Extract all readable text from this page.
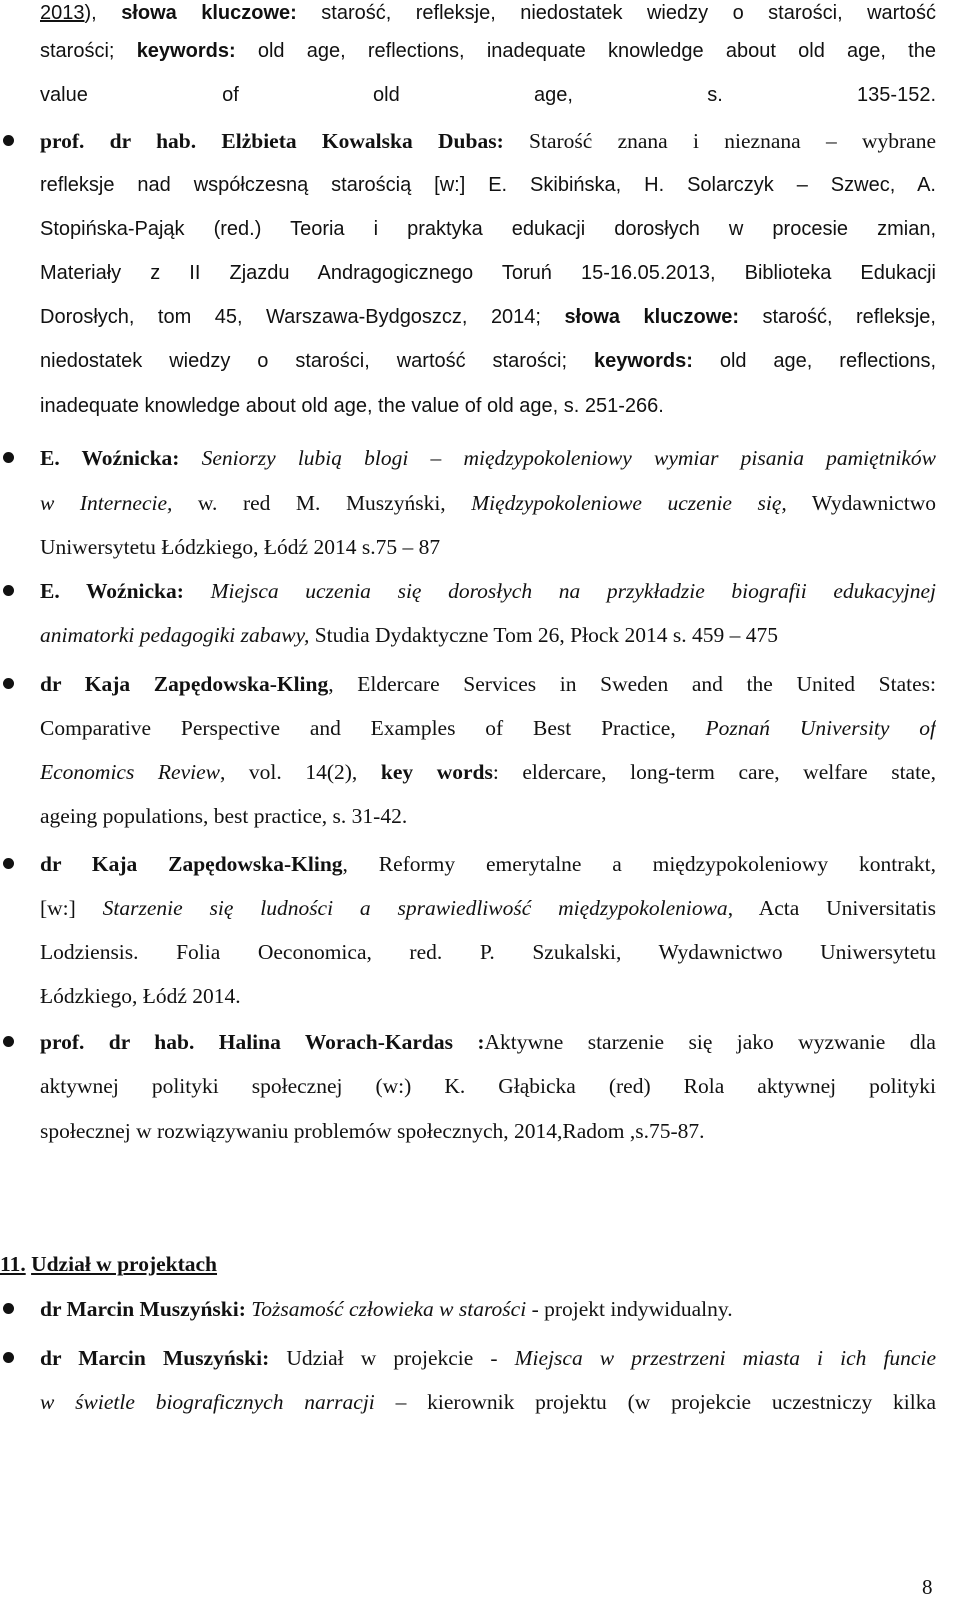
2013), słowa kluczowe: starość, refleksje, niedostatek wiedzy o starości, wartość
starości; keywords: old age, reflections, inadequate knowledge about old age, the
value of old age, s. 135-152.
prof. dr hab. Elżbieta Kowalska Dubas: Starość znana i nieznana – wybrane
refleksje nad współczesną starością [w:] E. Skibińska, H. Solarczyk – Szwec, A.
Stopińska-Pająk (red.) Teoria i praktyka edukacji dorosłych w procesie zmian,
Materiały z II Zjazdu Andragogicznego Toruń 15-16.05.2013, Biblioteka Edukacji
Dorosłych, tom 45, Warszawa-Bydgoszcz, 2014; słowa kluczowe: starość, refleksje,
niedostatek wiedzy o starości, wartość starości; keywords: old age, reflections,
inadequate knowledge about old age, the value of old age, s. 251-266.
E. Woźnicka: Seniorzy lubią blogi – międzypokoleniowy wymiar pisania pamiętników
w Internecie, w. red M. Muszyński, Międzypokoleniowe uczenie się, Wydawnictwo
Uniwersytetu Łódzkiego, Łódź 2014 s.75 – 87
E. Woźnicka: Miejsca uczenia się dorosłych na przykładzie biografii edukacyjnej
animatorki pedagogiki zabawy, Studia Dydaktyczne Tom 26, Płock 2014 s. 459 – 475
dr Kaja Zapędowska-Kling, Eldercare Services in Sweden and the United States:
Comparative Perspective and Examples of Best Practice, Poznań University of
Economics Review, vol. 14(2), key words: eldercare, long-term care, welfare state,
ageing populations, best practice, s. 31-42.
dr Kaja Zapędowska-Kling, Reformy emerytalne a międzypokoleniowy kontrakt,
[w:] Starzenie się ludności a sprawiedliwość międzypokoleniowa, Acta Universitatis
Lodziensis. Folia Oeconomica, red. P. Szukalski, Wydawnictwo Uniwersytetu
Łódzkiego, Łódź 2014.
prof. dr hab. Halina Worach-Kardas :Aktywne starzenie się jako wyzwanie dla
aktywnej polityki społecznej (w:) K. Głąbicka (red) Rola aktywnej polityki
społecznej w rozwiązywaniu problemów społecznych, 2014,Radom ,s.75-87.
11. Udział w projektach
dr Marcin Muszyński: Tożsamość człowieka w starości - projekt indywidualny.
dr Marcin Muszyński: Udział w projekcie - Miejsca w przestrzeni miasta i ich funcie
w świetle biograficznych narracji – kierownik projektu (w projekcie uczestniczy kilka
8
